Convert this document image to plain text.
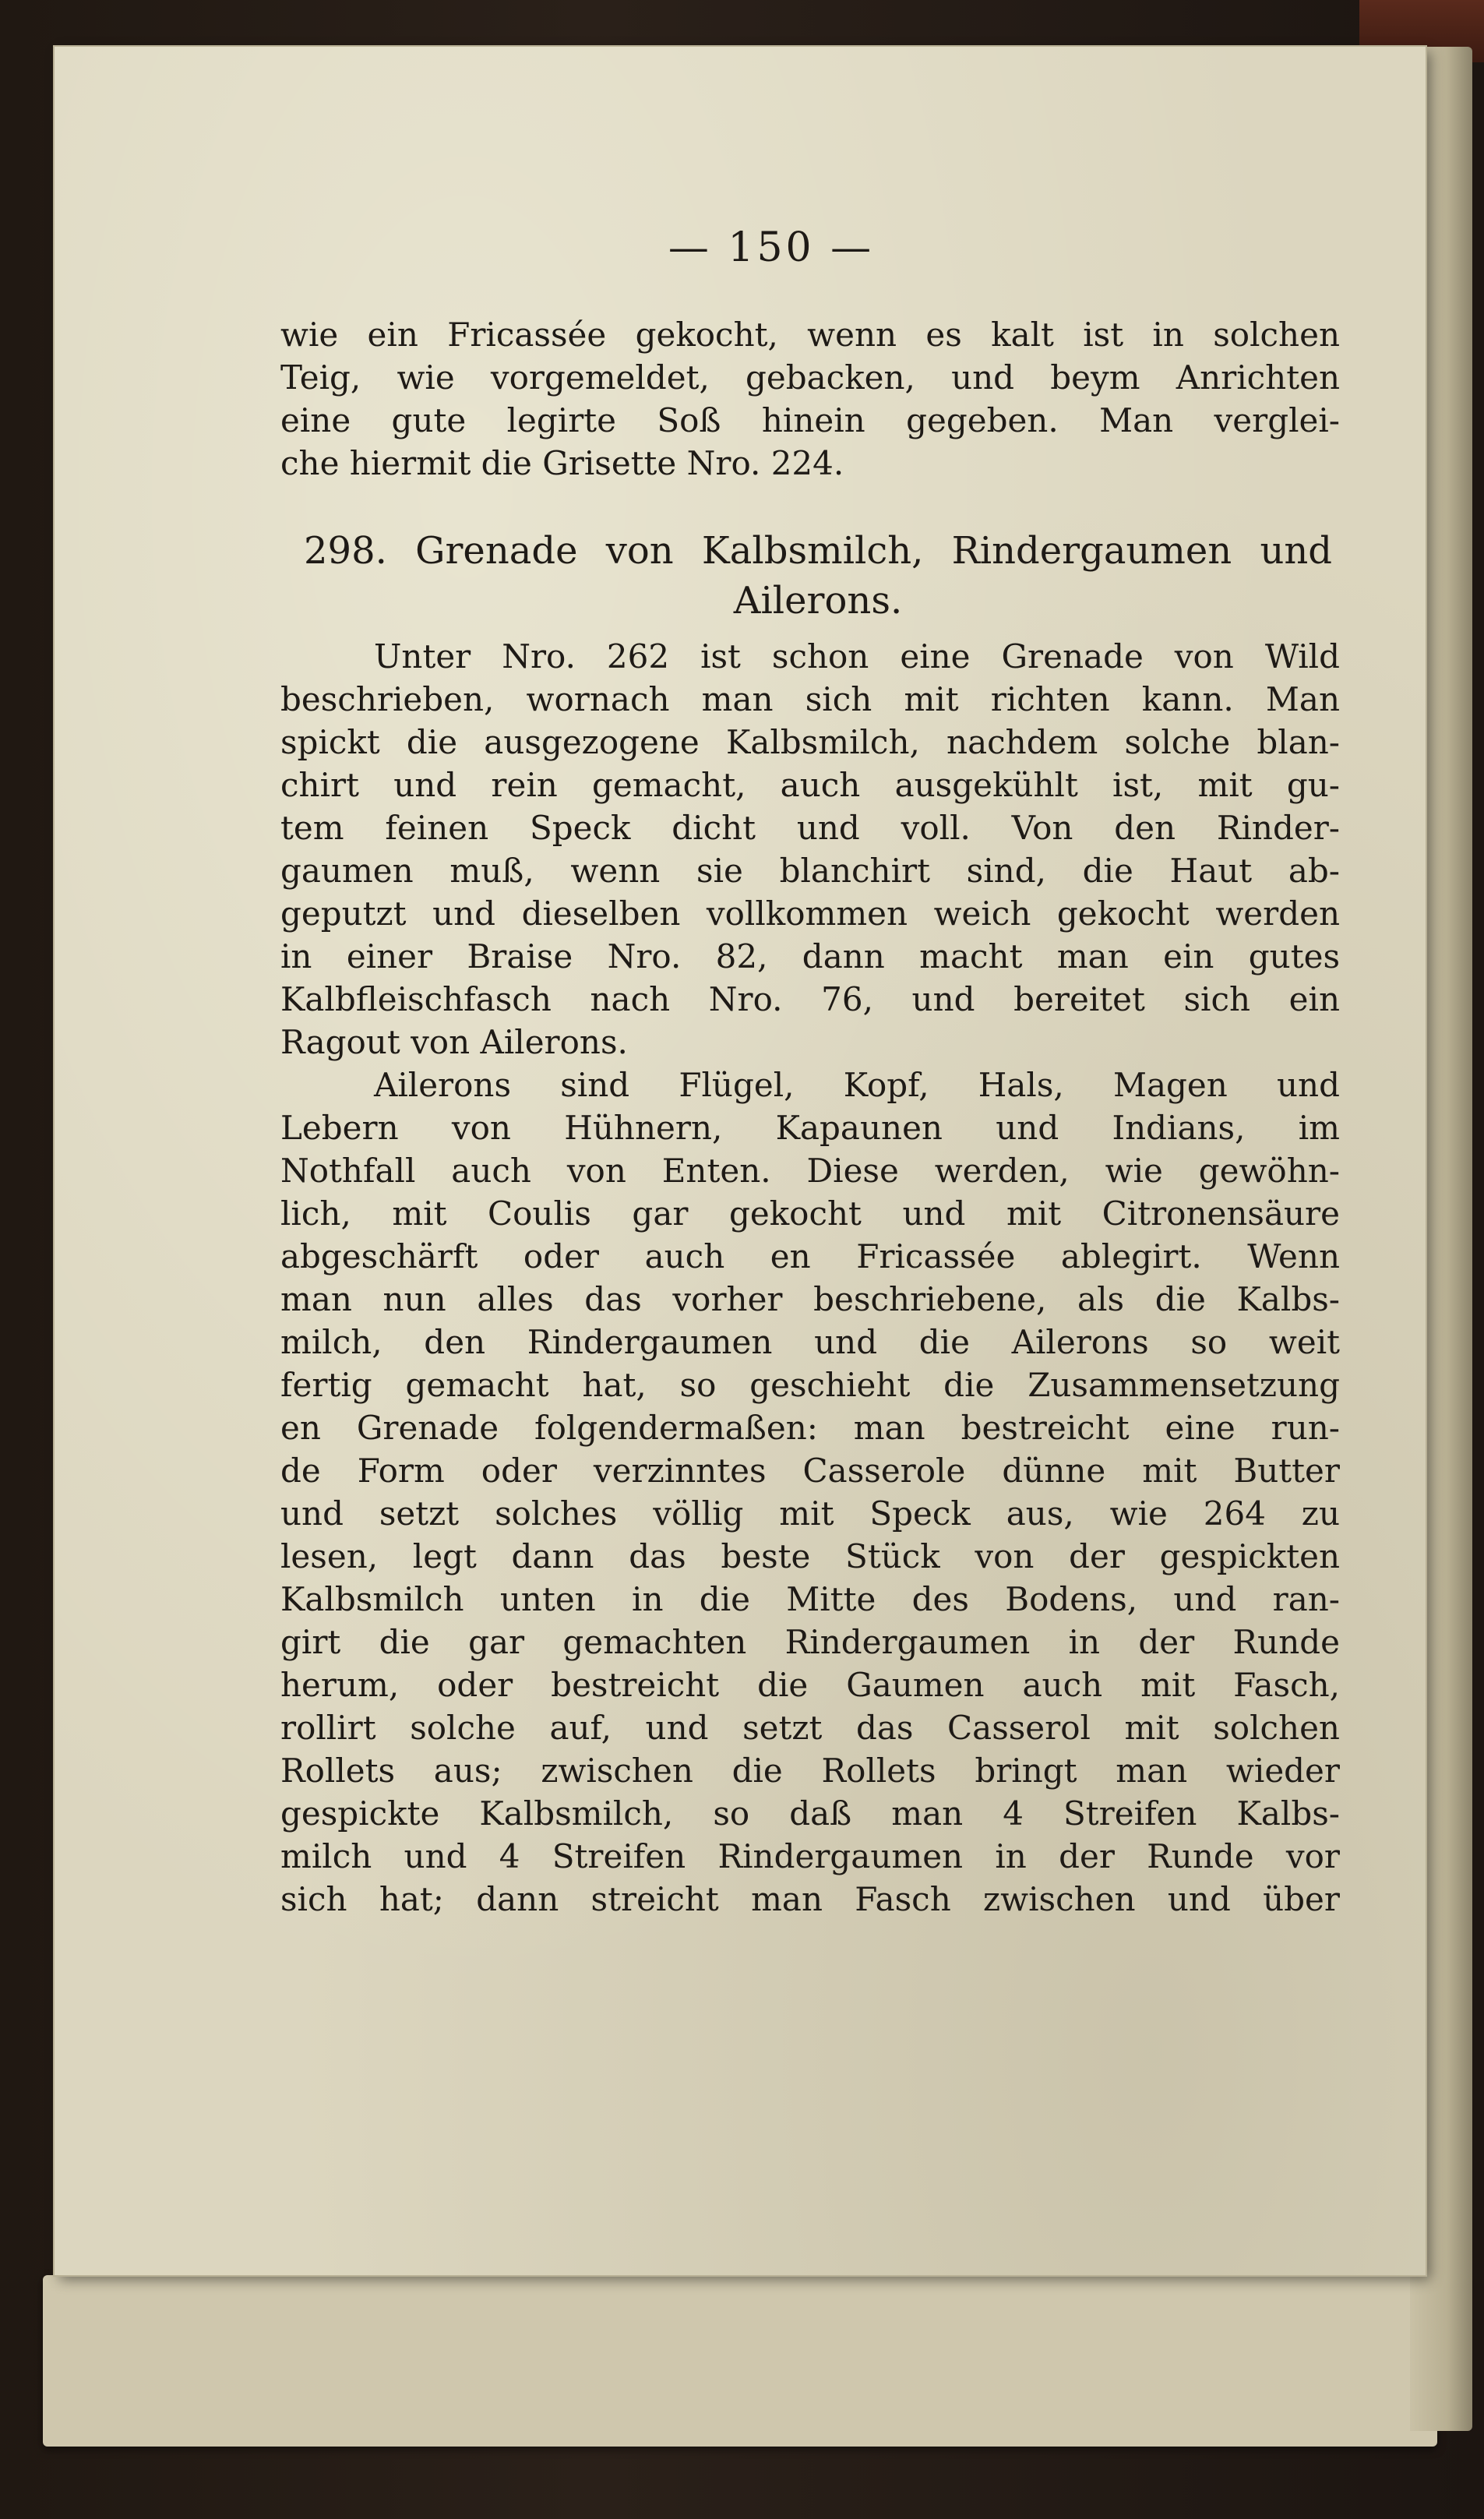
— 150 —
wie ein Fricassée gekocht, wenn es kalt ist in solchen
Teig, wie vorgemeldet, gebacken, und beym Anrichten
eine gute legirte Soß hinein gegeben. Man verglei-
che hiermit die Grisette Nro. 224.
298. Grenade von Kalbsmilch, Rindergaumen und
Ailerons.
Unter Nro. 262 ist schon eine Grenade von Wild
beschrieben, wornach man sich mit richten kann. Man
spickt die ausgezogene Kalbsmilch, nachdem solche blan-
chirt und rein gemacht, auch ausgekühlt ist, mit gu-
tem feinen Speck dicht und voll. Von den Rinder-
gaumen muß, wenn sie blanchirt sind, die Haut ab-
geputzt und dieselben vollkommen weich gekocht werden
in einer Braise Nro. 82, dann macht man ein gutes
Kalbfleischfasch nach Nro. 76, und bereitet sich ein
Ragout von Ailerons.
Ailerons sind Flügel, Kopf, Hals, Magen und
Lebern von Hühnern, Kapaunen und Indians, im
Nothfall auch von Enten. Diese werden, wie gewöhn-
lich, mit Coulis gar gekocht und mit Citronensäure
abgeschärft oder auch en Fricassée ablegirt. Wenn
man nun alles das vorher beschriebene, als die Kalbs-
milch, den Rindergaumen und die Ailerons so weit
fertig gemacht hat, so geschieht die Zusammensetzung
en Grenade folgendermaßen: man bestreicht eine run-
de Form oder verzinntes Casserole dünne mit Butter
und setzt solches völlig mit Speck aus, wie 264 zu
lesen, legt dann das beste Stück von der gespickten
Kalbsmilch unten in die Mitte des Bodens, und ran-
girt die gar gemachten Rindergaumen in der Runde
herum, oder bestreicht die Gaumen auch mit Fasch,
rollirt solche auf, und setzt das Casserol mit solchen
Rollets aus; zwischen die Rollets bringt man wieder
gespickte Kalbsmilch, so daß man 4 Streifen Kalbs-
milch und 4 Streifen Rindergaumen in der Runde vor
sich hat; dann streicht man Fasch zwischen und über
